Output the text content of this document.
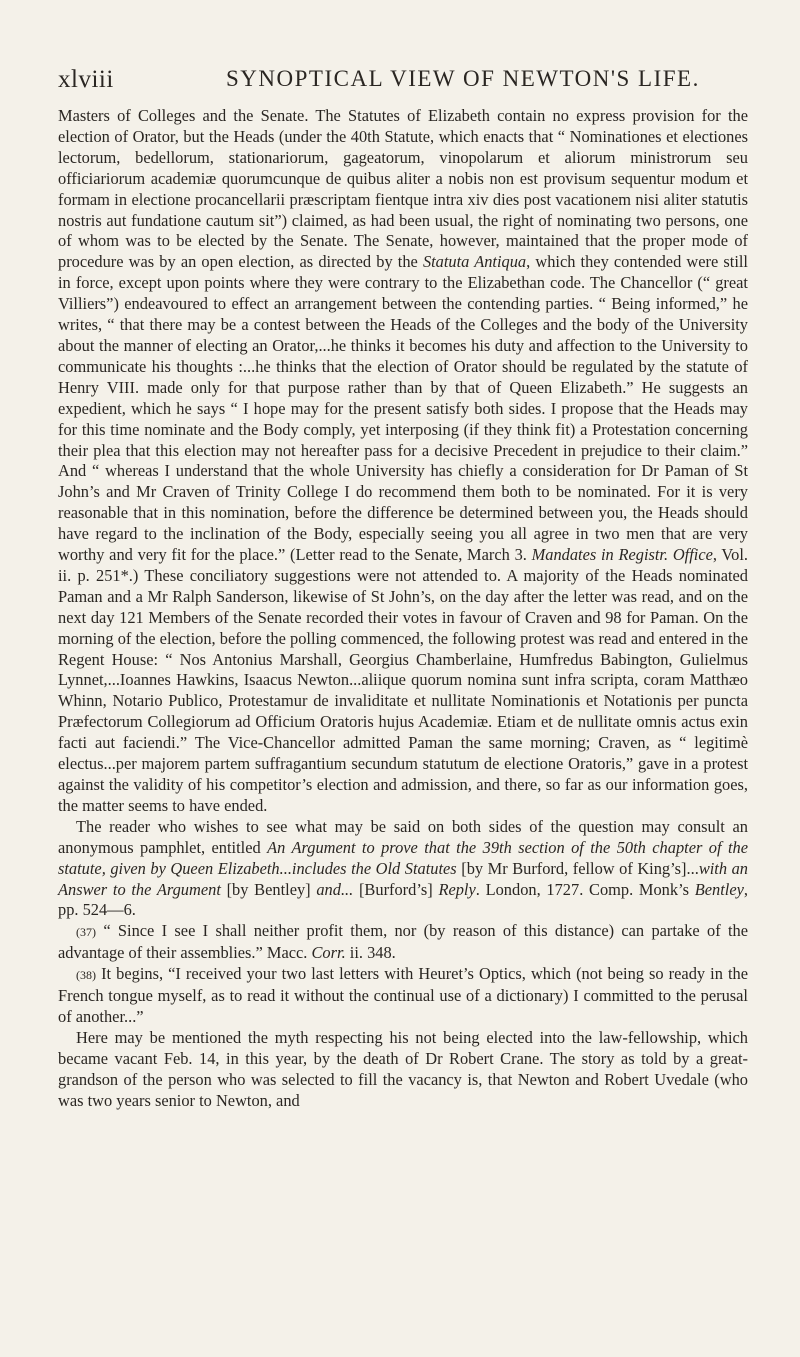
xlviii	SYNOPTICAL VIEW OF NEWTON'S LIFE.

Masters of Colleges and the Senate. The Statutes of Elizabeth contain no express provision for the election of Orator, but the Heads (under the 40th Statute, which enacts that “ Nominationes et electiones lectorum, bedellorum, stationariorum, gageatorum, vinopolarum et aliorum ministrorum seu officiariorum academiæ quorumcunque de quibus aliter a nobis non est provisum sequentur modum et formam in electione procancellarii præscriptam fientque intra xiv dies post vacationem nisi aliter statutis nostris aut fundatione cautum sit”) claimed, as had been usual, the right of nominating two persons, one of whom was to be elected by the Senate. The Senate, however, maintained that the proper mode of procedure was by an open election, as directed by the Statuta Antiqua, which they contended were still in force, except upon points where they were contrary to the Elizabethan code. The Chancellor (“ great Villiers”) endeavoured to effect an arrangement between the contending parties. “ Being informed,” he writes, “ that there may be a contest between the Heads of the Colleges and the body of the University about the manner of electing an Orator,...he thinks it becomes his duty and affection to the University to communicate his thoughts :...he thinks that the election of Orator should be regulated by the statute of Henry VIII. made only for that purpose rather than by that of Queen Elizabeth.” He suggests an expedient, which he says “ I hope may for the present satisfy both sides. I propose that the Heads may for this time nominate and the Body comply, yet interposing (if they think fit) a Protestation concerning their plea that this election may not hereafter pass for a decisive Precedent in prejudice to their claim.” And “ whereas I understand that the whole University has chiefly a consideration for Dr Paman of St John’s and Mr Craven of Trinity College I do recommend them both to be nominated. For it is very reasonable that in this nomination, before the difference be determined between you, the Heads should have regard to the inclination of the Body, especially seeing you all agree in two men that are very worthy and very fit for the place.” (Letter read to the Senate, March 3. Mandates in Registr. Office, Vol. ii. p. 251*.) These conciliatory suggestions were not attended to. A majority of the Heads nominated Paman and a Mr Ralph Sanderson, likewise of St John’s, on the day after the letter was read, and on the next day 121 Members of the Senate recorded their votes in favour of Craven and 98 for Paman. On the morning of the election, before the polling commenced, the following protest was read and entered in the Regent House: “ Nos Antonius Marshall, Georgius Chamberlaine, Humfredus Babington, Gulielmus Lynnet,...Ioannes Hawkins, Isaacus Newton...aliique quorum nomina sunt infra scripta, coram Matthæo Whinn, Notario Publico, Protestamur de invaliditate et nullitate Nominationis et Notationis per puncta Præfectorum Collegiorum ad Officium Oratoris hujus Academiæ. Etiam et de nullitate omnis actus exin facti aut faciendi.” The Vice-Chancellor admitted Paman the same morning; Craven, as “ legitimè electus...per majorem partem suffragantium secundum statutum de electione Oratoris,” gave in a protest against the validity of his competitor’s election and admission, and there, so far as our information goes, the matter seems to have ended.

The reader who wishes to see what may be said on both sides of the question may consult an anonymous pamphlet, entitled An Argument to prove that the 39th section of the 50th chapter of the statute, given by Queen Elizabeth...includes the Old Statutes [by Mr Burford, fellow of King’s]...with an Answer to the Argument [by Bentley] and... [Burford’s] Reply. London, 1727. Comp. Monk’s Bentley, pp. 524—6.

(37) “ Since I see I shall neither profit them, nor (by reason of this distance) can partake of the advantage of their assemblies.” Macc. Corr. ii. 348.

(38) It begins, “I received your two last letters with Heuret’s Optics, which (not being so ready in the French tongue myself, as to read it without the continual use of a dictionary) I committed to the perusal of another...”

Here may be mentioned the myth respecting his not being elected into the law-fellowship, which became vacant Feb. 14, in this year, by the death of Dr Robert Crane. The story as told by a great-grandson of the person who was selected to fill the vacancy is, that Newton and Robert Uvedale (who was two years senior to Newton, and
